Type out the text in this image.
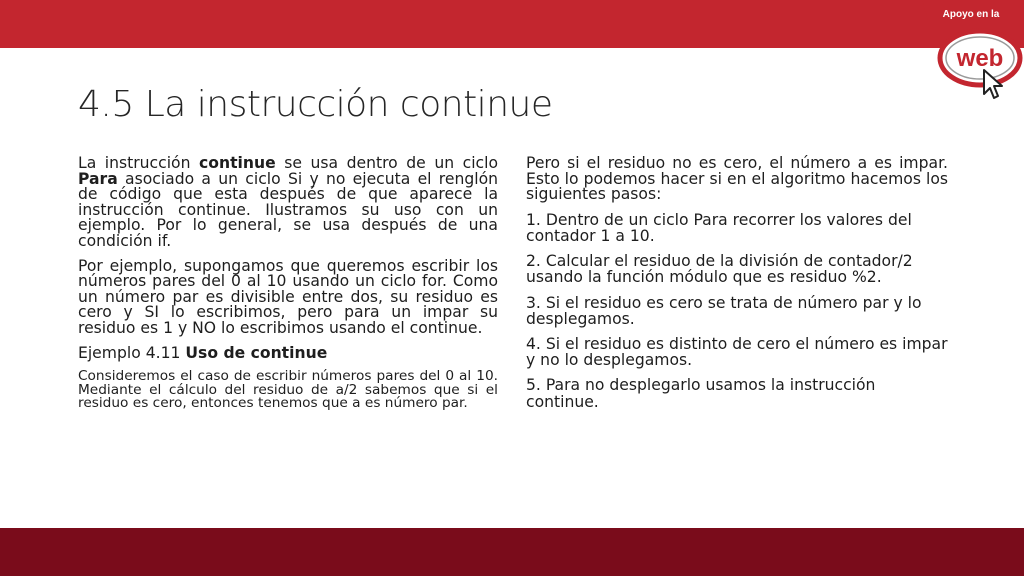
Apoyo en la
web
4.5 La instrucción continue

La instrucción continue se usa dentro de un ciclo Para asociado a un ciclo Si y no ejecuta el renglón de código que esta después de que aparece la instrucción continue. Ilustramos su uso con un ejemplo. Por lo general, se usa después de una condición if.

Por ejemplo, supongamos que queremos escribir los números pares del 0 al 10 usando un ciclo for. Como un número par es divisible entre dos, su residuo es cero y SI lo escribimos, pero para un impar su residuo es 1 y NO lo escribimos usando el continue.

Ejemplo 4.11 Uso de continue

Consideremos el caso de escribir números pares del 0 al 10. Mediante el cálculo del residuo de a/2 sabemos que si el residuo es cero, entonces tenemos que a es número par.

Pero si el residuo no es cero, el número a es impar. Esto lo podemos hacer si en el algoritmo hacemos los siguientes pasos:

1. Dentro de un ciclo Para recorrer los valores del contador 1 a 10.

2. Calcular el residuo de la división de contador/2 usando la función módulo que es residuo %2.

3. Si el residuo es cero se trata de número par y lo desplegamos.

4. Si el residuo es distinto de cero el número es impar y no lo desplegamos.

5. Para no desplegarlo usamos la instrucción continue.
